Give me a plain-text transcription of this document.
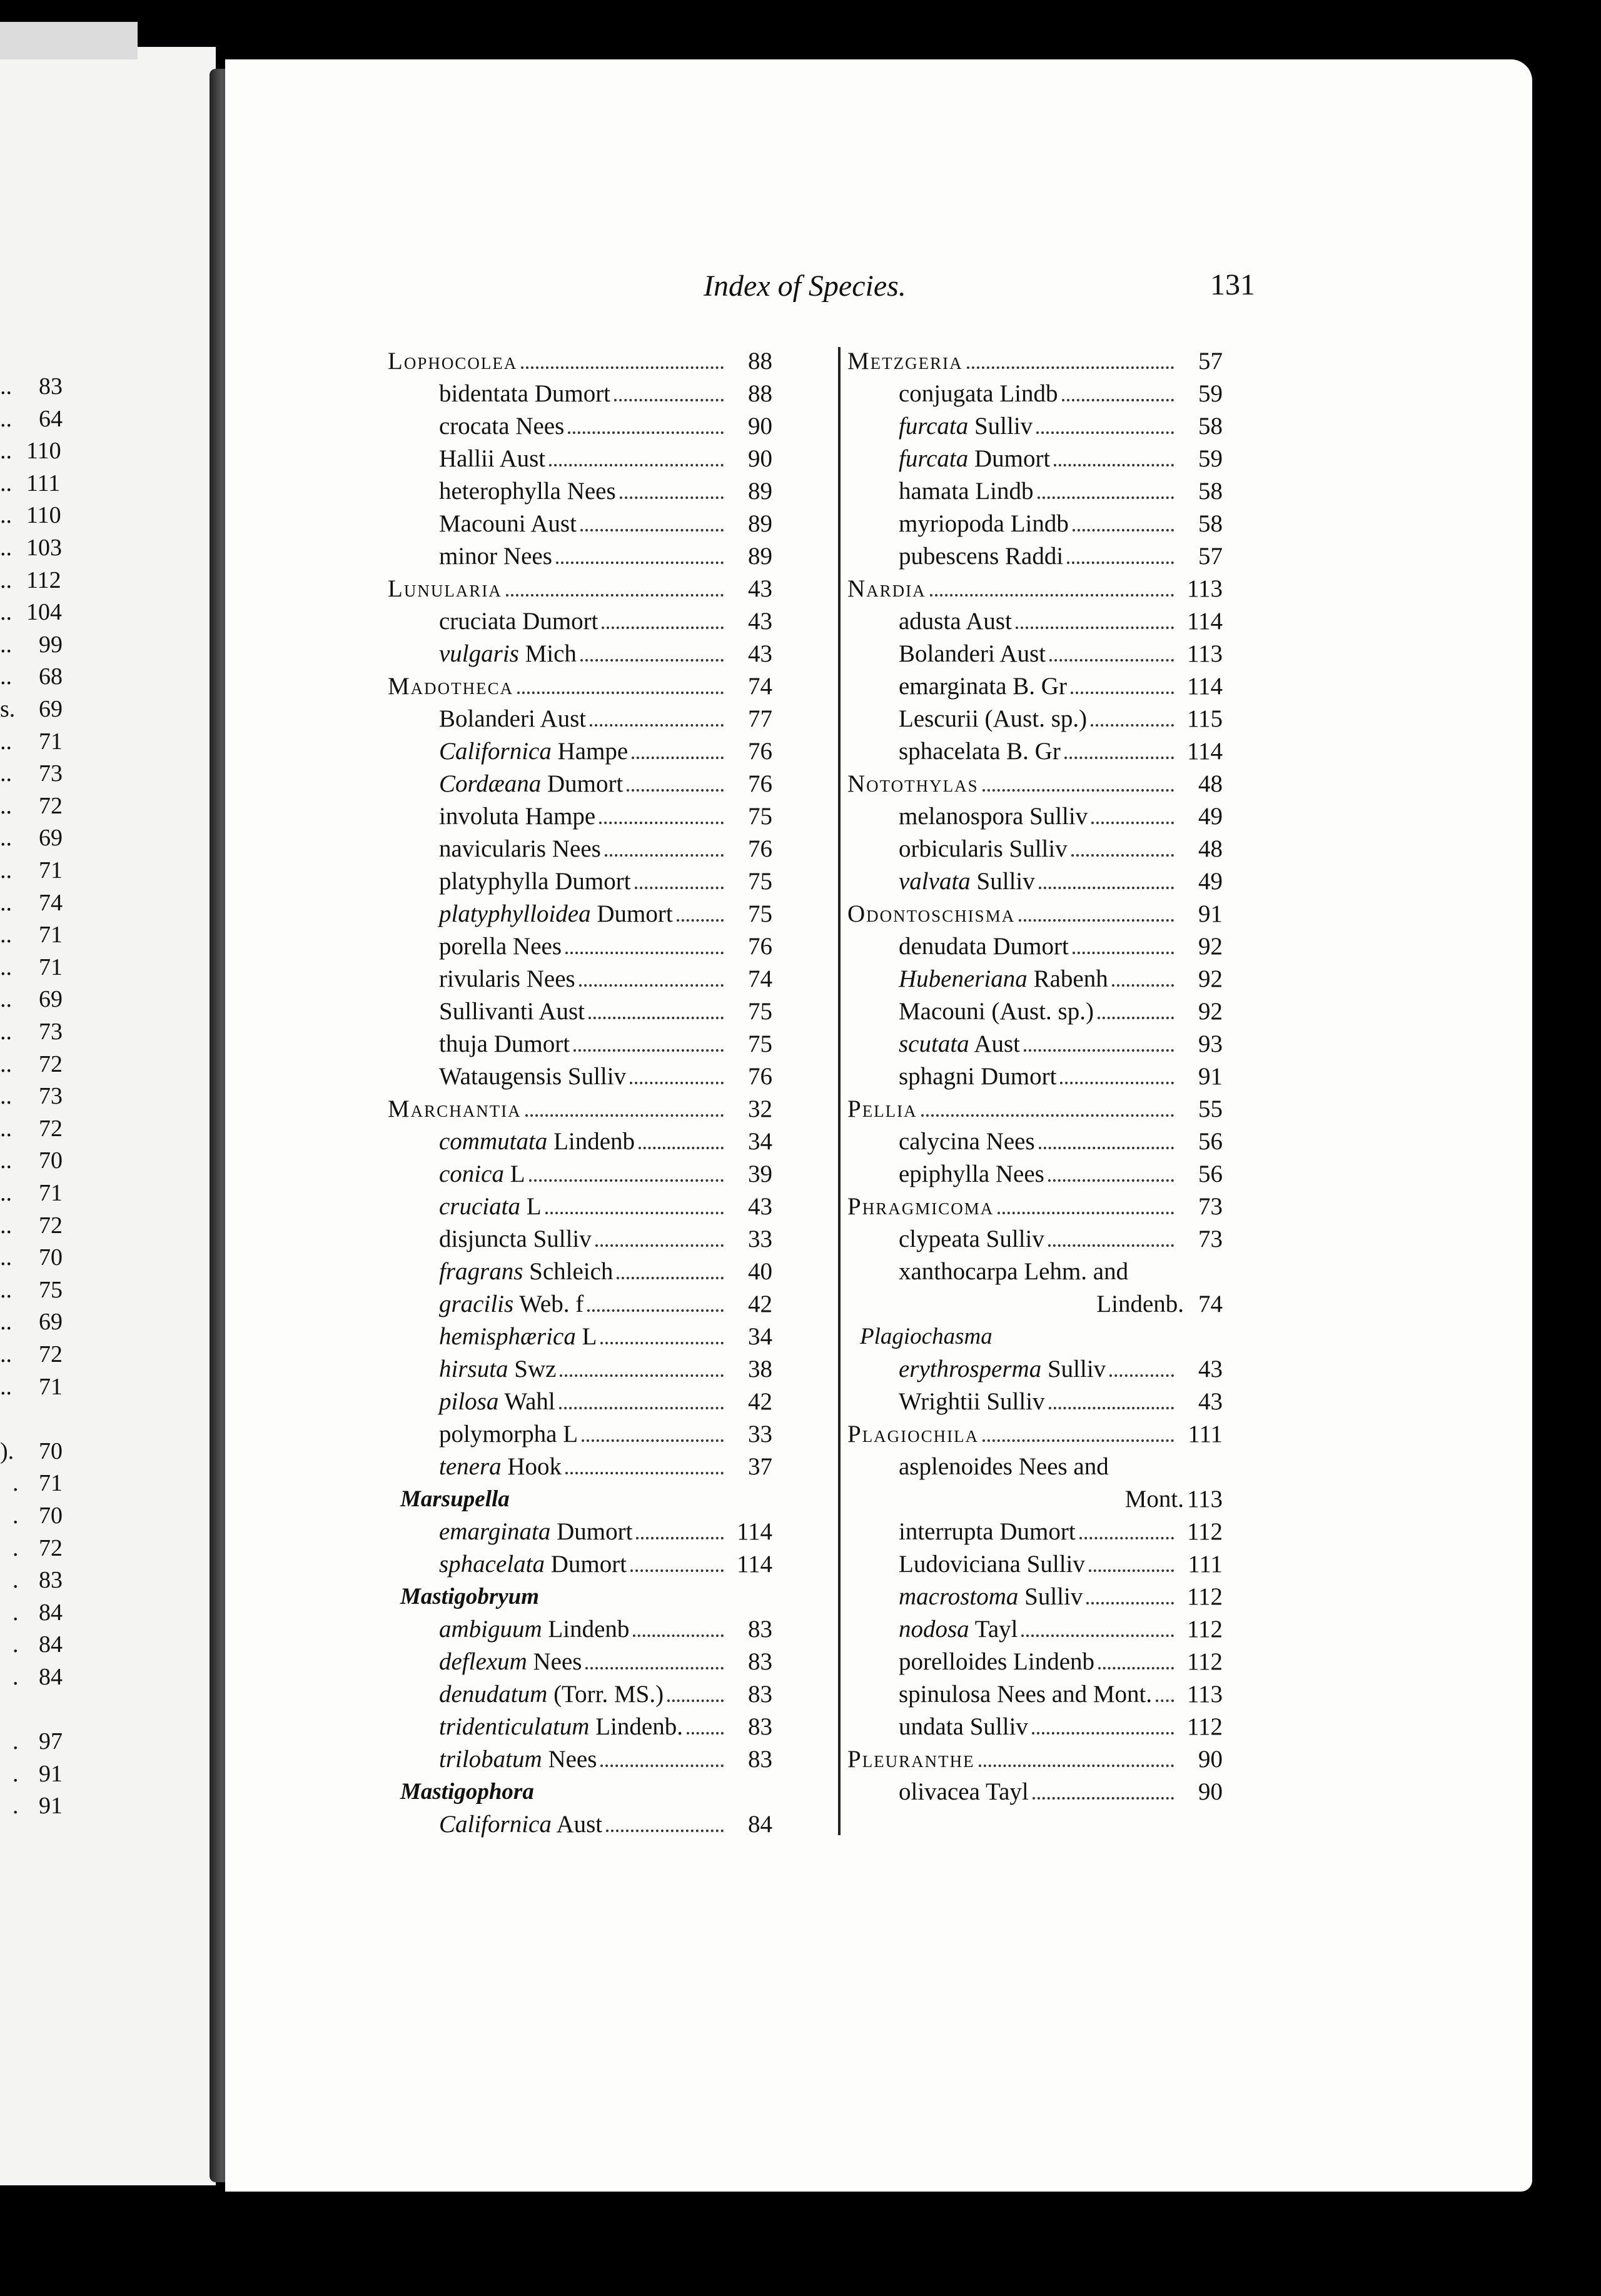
.. 83
.. 64
.. 110
.. 111
.. 110
.. 103
.. 112
.. 104
.. 99
.. 68
s. 69
.. 71
.. 73
.. 72
.. 69
.. 71
.. 74
.. 71
.. 71
.. 69
.. 73
.. 72
.. 73
.. 72
.. 70
.. 71
.. 72
.. 70
.. 75
.. 69
.. 72
.. 71
). 70
. 71
. 70
. 72
. 83
. 84
. 84
. 84
. 97
. 91
. 91
Index of Species.	131
Lophocolea	88
bidentata Dumort	88
crocata Nees	90
Hallii Aust	90
heterophylla Nees	89
Macouni Aust	89
minor Nees	89
Lunularia	43
cruciata Dumort	43
vulgaris Mich	43
Madotheca	74
Bolanderi Aust	77
Californica Hampe	76
Cordæana Dumort	76
involuta Hampe	75
navicularis Nees	76
platyphylla Dumort	75
platyphylloidea Dumort	75
porella Nees	76
rivularis Nees	74
Sullivanti Aust	75
thuja Dumort	75
Wataugensis Sulliv	76
Marchantia	32
commutata Lindenb	34
conica L	39
cruciata L	43
disjuncta Sulliv	33
fragrans Schleich	40
gracilis Web. f	42
hemisphærica L	34
hirsuta Swz	38
pilosa Wahl	42
polymorpha L	33
tenera Hook	37
Marsupella
emarginata Dumort	114
sphacelata Dumort	114
Mastigobryum
ambiguum Lindenb	83
deflexum Nees	83
denudatum (Torr. MS.)	83
tridenticulatum Lindenb.	83
trilobatum Nees	83
Mastigophora
Californica Aust	84
Metzgeria	57
conjugata Lindb	59
furcata Sulliv	58
furcata Dumort	59
hamata Lindb	58
myriopoda Lindb	58
pubescens Raddi	57
Nardia	113
adusta Aust	114
Bolanderi Aust	113
emarginata B. Gr	114
Lescurii (Aust. sp.)	115
sphacelata B. Gr	114
Notothylas	48
melanospora Sulliv	49
orbicularis Sulliv	48
valvata Sulliv	49
Odontoschisma	91
denudata Dumort	92
Hubeneriana Rabenh	92
Macouni (Aust. sp.)	92
scutata Aust	93
sphagni Dumort	91
Pellia	55
calycina Nees	56
epiphylla Nees	56
Phragmicoma	73
clypeata Sulliv	73
xanthocarpa Lehm. and
Lindenb. 74
Plagiochasma
erythrosperma Sulliv	43
Wrightii Sulliv	43
Plagiochila	111
asplenoides Nees and
Mont. 113
interrupta Dumort	112
Ludoviciana Sulliv	111
macrostoma Sulliv	112
nodosa Tayl	112
porelloides Lindenb	112
spinulosa Nees and Mont. 113
undata Sulliv	112
Pleuranthe	90
olivacea Tayl	90
